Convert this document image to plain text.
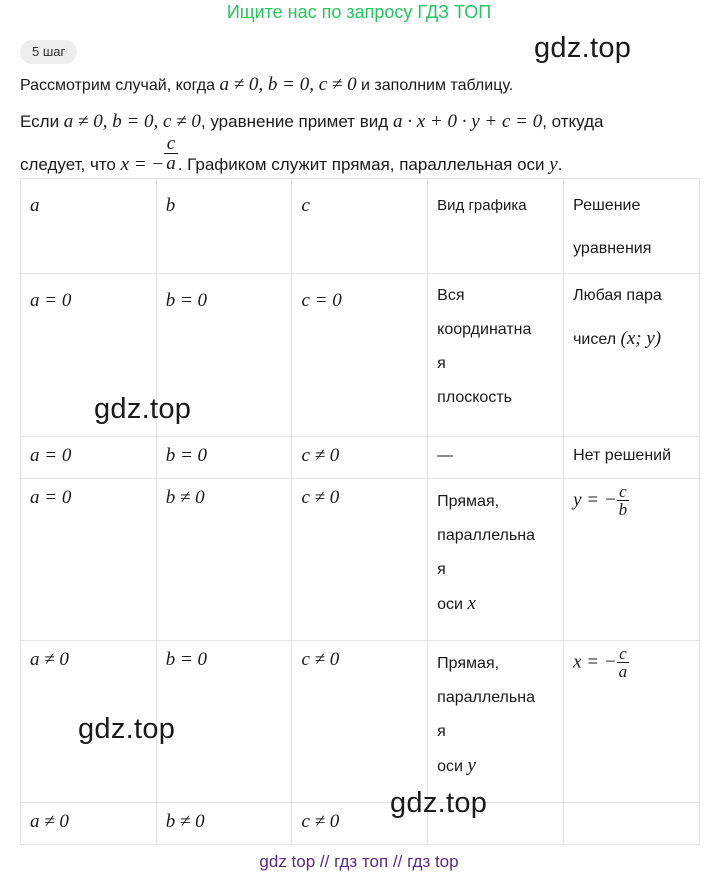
Ищите нас по запросу ГДЗ ТОП
5 шаг	gdz.top
Рассмотрим случай, когда a ≠ 0, b = 0, c ≠ 0 и заполним таблицу.
Если a ≠ 0, b = 0, c ≠ 0, уравнение примет вид a · x + 0 · y + c = 0, откуда
следует, что x = − $\frac{c}{a}$ . Графиком служит прямая, параллельная оси y.
a	b	c	Вид графика	Решение
уравнения
a = 0	b = 0	c = 0	Вся
координатна
я
плоскость	Любая пара
чисел (x; y)
a = 0	b = 0	c ≠ 0	—	Нет решений
a = 0	b ≠ 0	c ≠ 0	Прямая,
параллельна
я
оси x	y = − $\frac{c}{b}$

a ≠ 0	b = 0	c ≠ 0	Прямая,
параллельна
я
оси y	x = − $\frac{c}{a}$

a ≠ 0	b ≠ 0	c ≠ 0		
gdz.top
gdz.top
gdz.top
gdz top // гдз топ // гдз top
